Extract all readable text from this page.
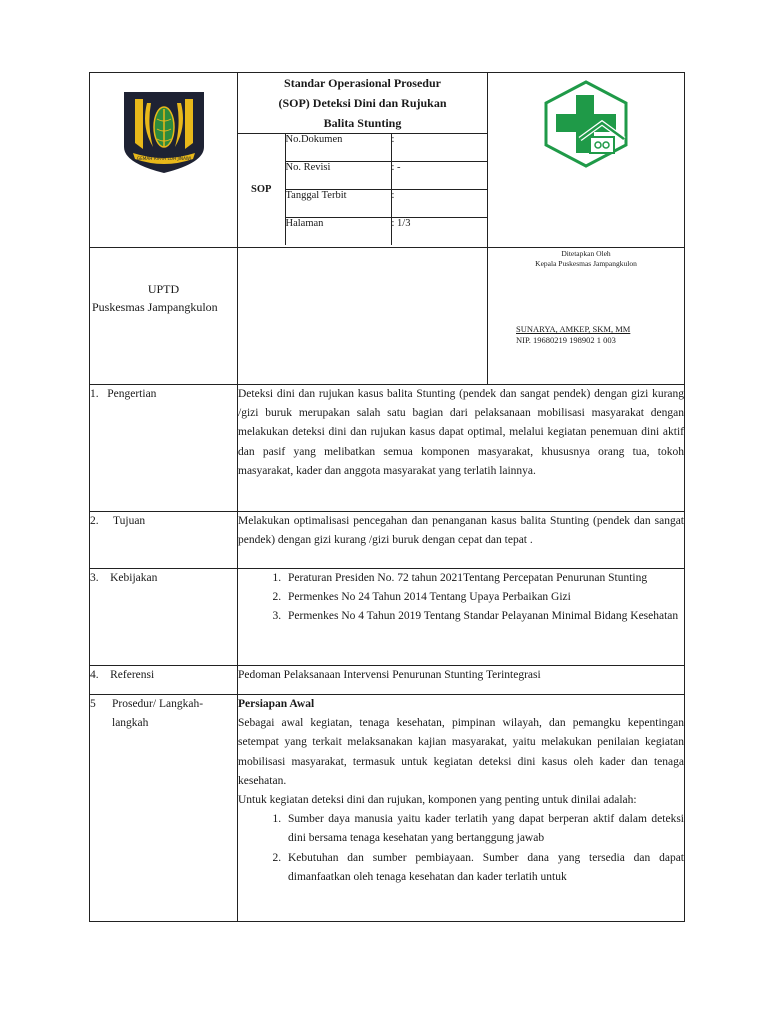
GEMAH RIPAH LOH JINAWI

Standar Operasional Prosedur
(SOP) Deteksi Dini dan Rujukan
Balita Stunting
SOP	No.Dokumen	:
No. Revisi	: -
Tanggal Terbit	:
Halaman	: 1/3

UPTD
Puskesmas Jampangkulon

Ditetapkan Oleh
Kepala Puskesmas Jampangkulon
SUNARYA, AMKEP, SKM, MM
NIP. 19680219 198902 1 003

1. Pengertian	Deteksi dini dan rujukan kasus balita Stunting (pendek dan sangat pendek) dengan gizi kurang /gizi buruk merupakan salah satu bagian dari pelaksanaan mobilisasi masyarakat dengan melakukan deteksi dini dan rujukan kasus dapat optimal, melalui kegiatan penemuan dini aktif dan pasif yang melibatkan semua komponen masyarakat, khususnya orang tua, tokoh masyarakat, kader dan anggota masyarakat yang terlatih lainnya.
2. Tujuan	Melakukan optimalisasi pencegahan dan penanganan kasus balita Stunting (pendek dan sangat pendek) dengan gizi kurang /gizi buruk dengan cepat dan tepat .
3. Kebijakan	
1.Peraturan Presiden No. 72 tahun 2021Tentang Percepatan Penurunan Stunting
2. Permenkes No 24 Tahun 2014 Tentang Upaya Perbaikan Gizi
3. Permenkes No 4 Tahun 2019 Tentang Standar Pelayanan Minimal Bidang Kesehatan

4. Referensi	Pedoman Pelaksanaan Intervensi Penurunan Stunting Terintegrasi

5	Prosedur/ Langkah-langkah

Persiapan Awal
Sebagai awal kegiatan, tenaga kesehatan, pimpinan wilayah, dan pemangku kepentingan setempat yang terkait melaksanakan kajian masyarakat, yaitu melakukan penilaian kegiatan mobilisasi masyarakat, termasuk untuk kegiatan deteksi dini kasus oleh kader dan tenaga kesehatan.
Untuk kegiatan deteksi dini dan rujukan, komponen yang penting untuk dinilai adalah:
1. Sumber daya manusia yaitu kader terlatih yang dapat berperan aktif dalam deteksi dini bersama tenaga kesehatan yang bertanggung jawab
2. Kebutuhan dan sumber pembiayaan. Sumber dana yang tersedia dan dapat dimanfaatkan oleh tenaga kesehatan dan kader terlatih untuk
